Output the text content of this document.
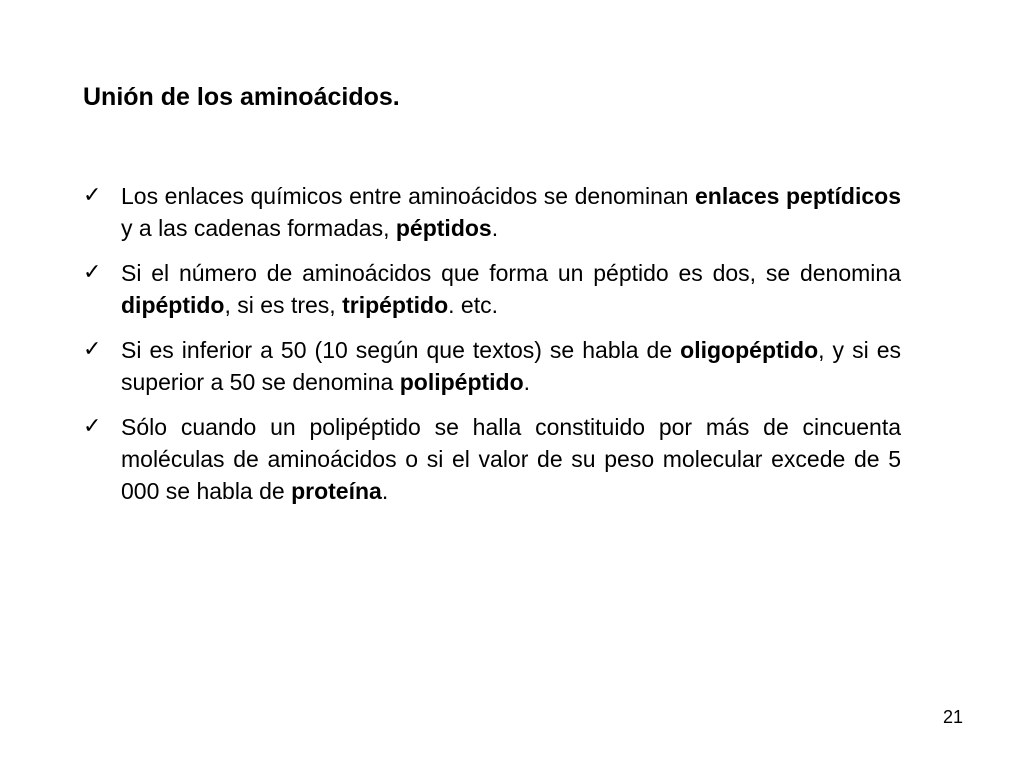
Unión de los aminoácidos.
✓ Los enlaces químicos entre aminoácidos se denominan enlaces peptídicos y a las cadenas formadas, péptidos.
✓ Si el número de aminoácidos que forma un péptido es dos, se denomina dipéptido, si es tres, tripéptido. etc.
✓ Si es inferior a 50 (10 según que textos) se habla de oligopéptido, y si es superior a 50 se denomina polipéptido.
✓ Sólo cuando un polipéptido se halla constituido por más de cincuenta moléculas de aminoácidos o si el valor de su peso molecular excede de 5 000 se habla de proteína.
21
